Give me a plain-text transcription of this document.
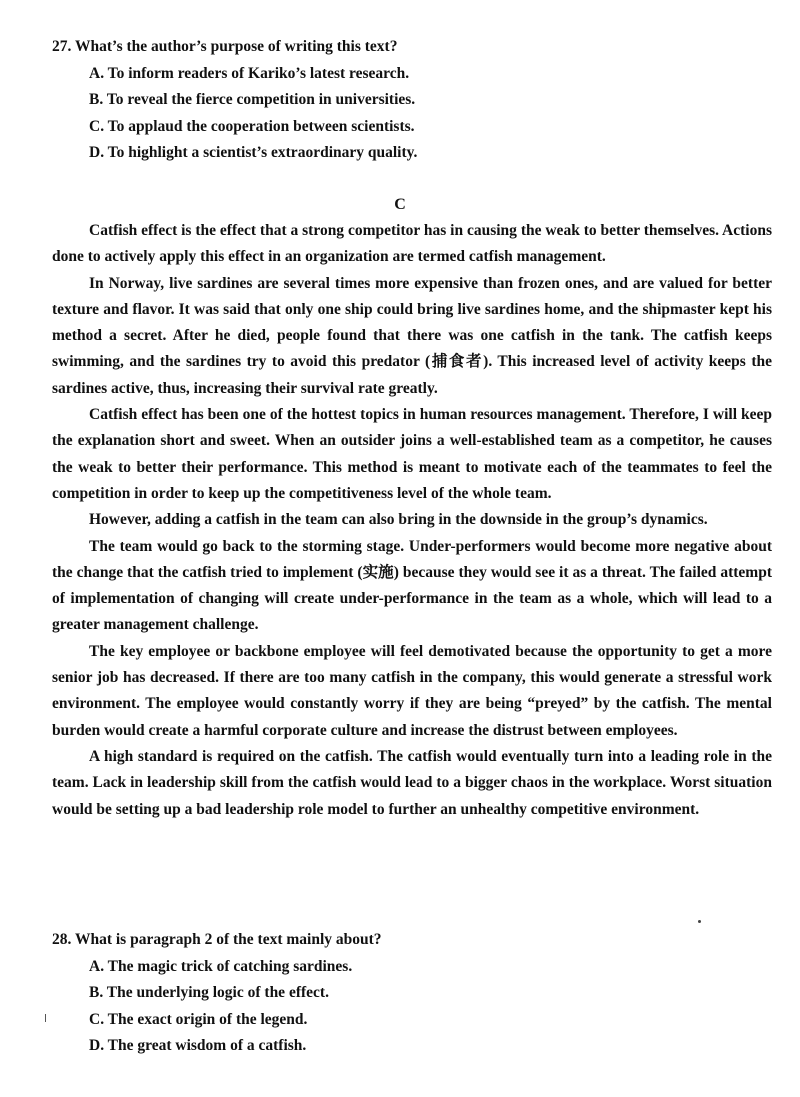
27. What’s the author’s purpose of writing this text?
A. To inform readers of Kariko’s latest research.
B. To reveal the fierce competition in universities.
C. To applaud the cooperation between scientists.
D. To highlight a scientist’s extraordinary quality.
C

Catfish effect is the effect that a strong competitor has in causing the weak to better themselves. Actions done to actively apply this effect in an organization are termed catfish management.

In Norway, live sardines are several times more expensive than frozen ones, and are valued for better texture and flavor. It was said that only one ship could bring live sardines home, and the shipmaster kept his method a secret. After he died, people found that there was one catfish in the tank. The catfish keeps swimming, and the sardines try to avoid this predator (捕食者). This increased level of activity keeps the sardines active, thus, increasing their survival rate greatly.

Catfish effect has been one of the hottest topics in human resources management. Therefore, I will keep the explanation short and sweet. When an outsider joins a well-established team as a competitor, he causes the weak to better their performance. This method is meant to motivate each of the teammates to feel the competition in order to keep up the competitiveness level of the whole team.

However, adding a catfish in the team can also bring in the downside in the group’s dynamics.

The team would go back to the storming stage. Under-performers would become more negative about the change that the catfish tried to implement (实施) because they would see it as a threat. The failed attempt of implementation of changing will create under-performance in the team as a whole, which will lead to a greater management challenge.

The key employee or backbone employee will feel demotivated because the opportunity to get a more senior job has decreased. If there are too many catfish in the company, this would generate a stressful work environment. The employee would constantly worry if they are being “preyed” by the catfish. The mental burden would create a harmful corporate culture and increase the distrust between employees.

A high standard is required on the catfish. The catfish would eventually turn into a leading role in the team. Lack in leadership skill from the catfish would lead to a bigger chaos in the workplace. Worst situation would be setting up a bad leadership role model to further an unhealthy competitive environment.

28. What is paragraph 2 of the text mainly about?
A. The magic trick of catching sardines.
B. The underlying logic of the effect.
C. The exact origin of the legend.
D. The great wisdom of a catfish.
